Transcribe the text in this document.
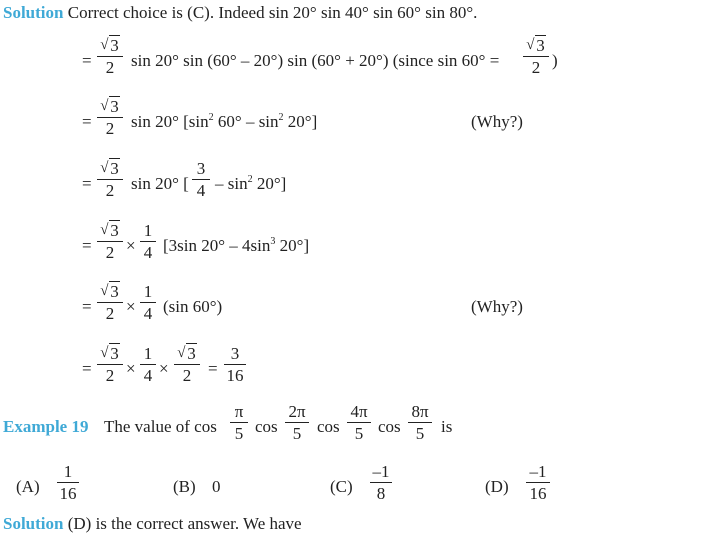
Solution Correct choice is (C). Indeed sin 20° sin 40° sin 60° sin 80°.
=
√ 3
2 sin 20° sin (60° – 20°) sin (60° + 20°) (since sin 60° =
√ 3
2 )
=
√ 3
2 sin 20° [$\sin^2$ $60^\circ - \sin^2 20^\circ$]	(Why?)
=
√ 3
2 sin 20° [
3
$4 - \sin^2 20^\circ$]
=
√ 3
2 ×
1
4 [3sin $20^\circ - 4\sin^3$ 20°]
=
√ 3
2 ×
1
4 (sin 60°)	(Why?)
=
√ 3
2 ×
1
4 ×
√ 3
2 =
3
16
Example 19 The value of cos
π
5 cos
2π
5 cos
4π
5 cos
8π
5 is
(A)
1
16	(B) 0	(C)
–1
8	(D)
–1
16
Solution (D) is the correct answer. We have
